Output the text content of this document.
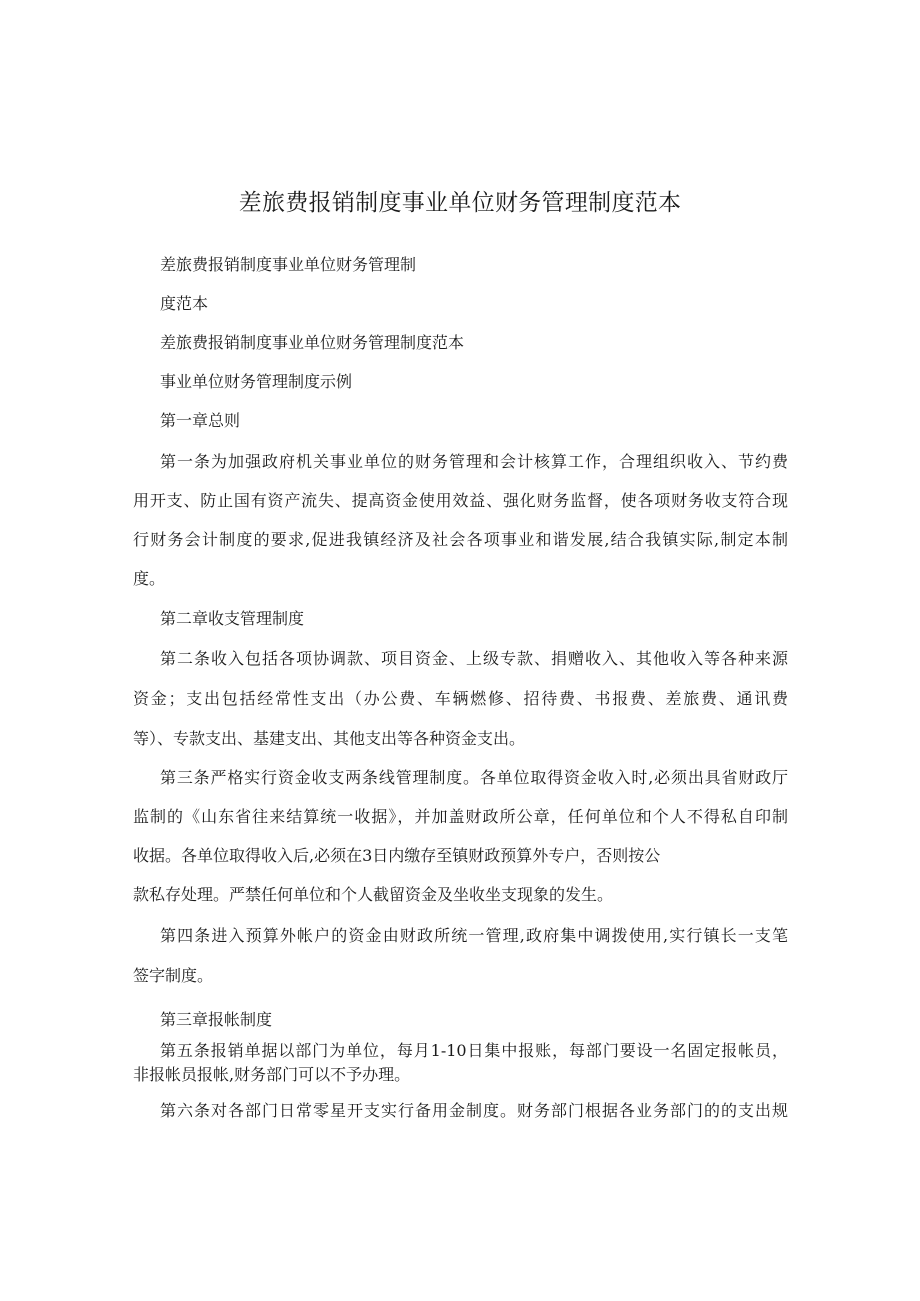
差旅费报销制度事业单位财务管理制度范本

差旅费报销制度事业单位财务管理制

度范本

差旅费报销制度事业单位财务管理制度范本

事业单位财务管理制度示例

第一章总则

第一条为加强政府机关事业单位的财务管理和会计核算工作，合理组织收入、节约费

用开支、防止国有资产流失、提高资金使用效益、强化财务监督，使各项财务收支符合现

行财务会计制度的要求,促进我镇经济及社会各项事业和谐发展,结合我镇实际,制定本制

度。

第二章收支管理制度

第二条收入包括各项协调款、项目资金、上级专款、捐赠收入、其他收入等各种来源

资金；支出包括经常性支出（办公费、车辆燃修、招待费、书报费、差旅费、通讯费

等）、专款支出、基建支出、其他支出等各种资金支出。

第三条严格实行资金收支两条线管理制度。各单位取得资金收入时,必须出具省财政厅

监制的《山东省往来结算统一收据》，并加盖财政所公章，任何单位和个人不得私自印制

收据。各单位取得收入后,必须在3日内缴存至镇财政预算外专户，否则按公

款私存处理。严禁任何单位和个人截留资金及坐收坐支现象的发生。

第四条进入预算外帐户的资金由财政所统一管理,政府集中调拨使用,实行镇长一支笔

签字制度。

第三章报帐制度

第五条报销单据以部门为单位，每月1-10日集中报账，每部门要设一名固定报帐员，

非报帐员报帐,财务部门可以不予办理。

第六条对各部门日常零星开支实行备用金制度。财务部门根据各业务部门的的支出规
